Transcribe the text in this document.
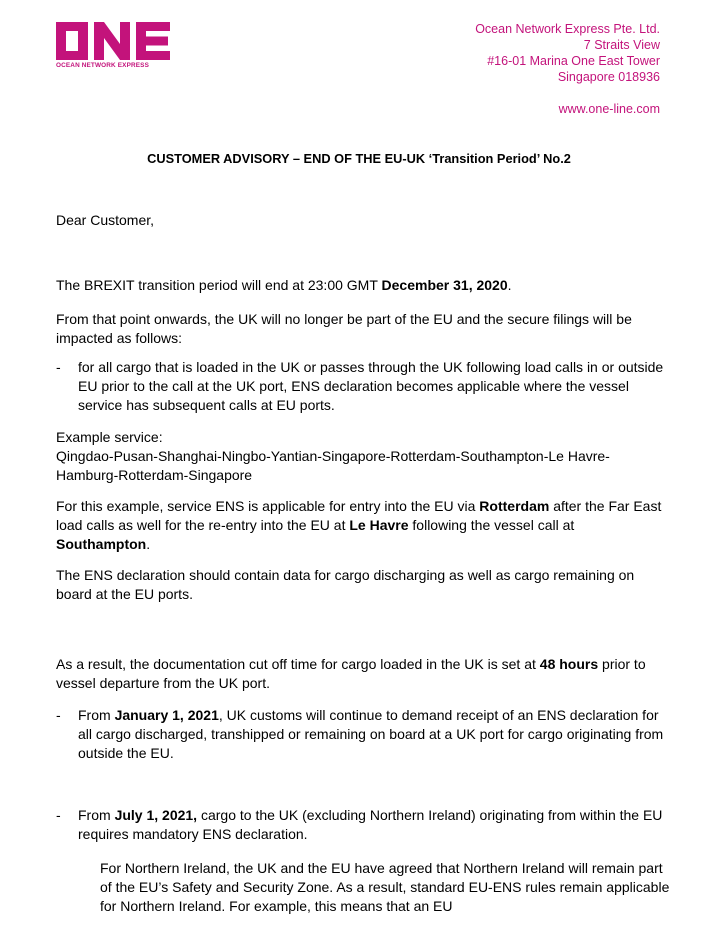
OCEAN NETWORK EXPRESS
Ocean Network Express Pte. Ltd.
7 Straits View
#16-01 Marina One East Tower
Singapore 018936
www.one-line.com
CUSTOMER ADVISORY – END OF THE EU-UK ‘Transition Period’ No.2
Dear Customer,
The BREXIT transition period will end at 23:00 GMT December 31, 2020.
From that point onwards, the UK will no longer be part of the EU and the secure filings will be impacted as follows:
- for all cargo that is loaded in the UK or passes through the UK following load calls in or outside EU prior to the call at the UK port, ENS declaration becomes applicable where the vessel service has subsequent calls at EU ports.
Example service:
Qingdao-Pusan-Shanghai-Ningbo-Yantian-Singapore-Rotterdam-Southampton-Le Havre-Hamburg-Rotterdam-Singapore
For this example, service ENS is applicable for entry into the EU via Rotterdam after the Far East load calls as well for the re-entry into the EU at Le Havre following the vessel call at Southampton.
The ENS declaration should contain data for cargo discharging as well as cargo remaining on board at the EU ports.
As a result, the documentation cut off time for cargo loaded in the UK is set at 48 hours prior to vessel departure from the UK port.
- From January 1, 2021, UK customs will continue to demand receipt of an ENS declaration for all cargo discharged, transhipped or remaining on board at a UK port for cargo originating from outside the EU.
- From July 1, 2021, cargo to the UK (excluding Northern Ireland) originating from within the EU requires mandatory ENS declaration.
For Northern Ireland, the UK and the EU have agreed that Northern Ireland will remain part of the EU’s Safety and Security Zone. As a result, standard EU-ENS rules remain applicable for Northern Ireland. For example, this means that an EU
